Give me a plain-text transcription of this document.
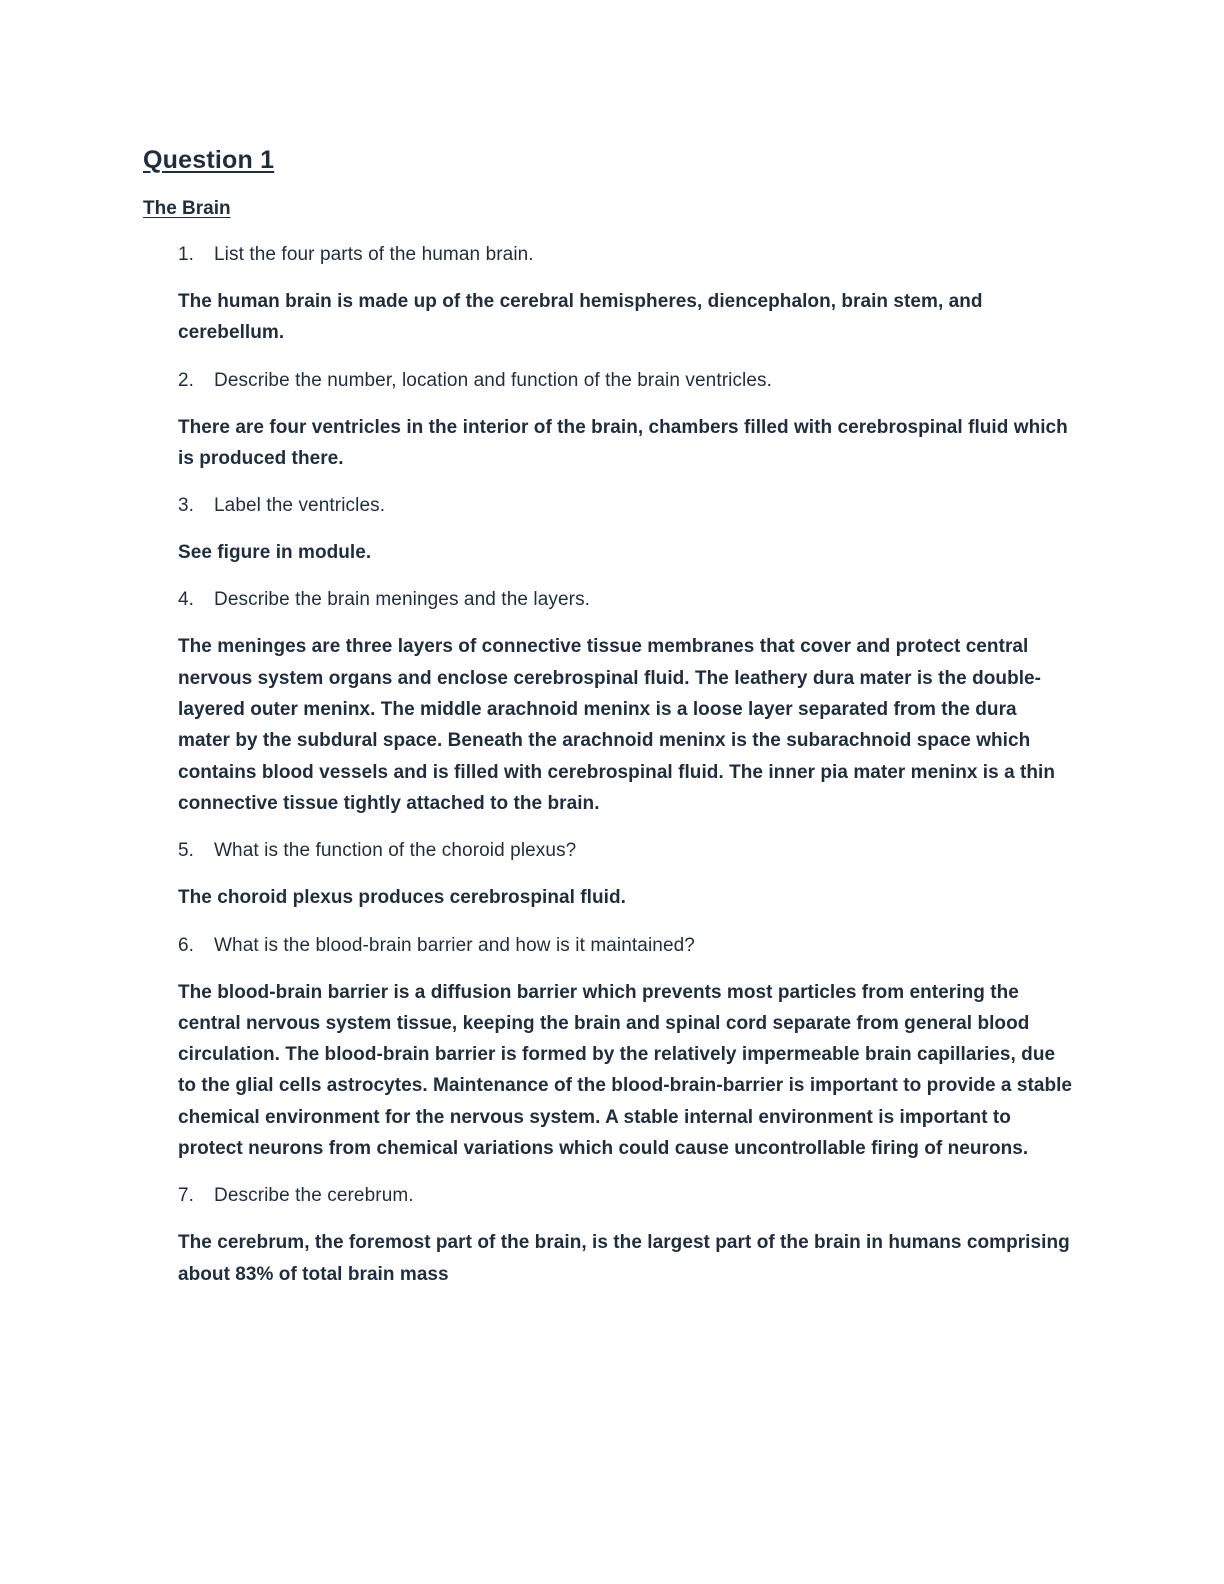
Question 1
The Brain
1.	List the four parts of the human brain.

The human brain is made up of the cerebral hemispheres, diencephalon, brain stem, and cerebellum.

2.	Describe the number, location and function of the brain ventricles.

There are four ventricles in the interior of the brain, chambers filled with cerebrospinal fluid which is produced there.

3.	Label the ventricles.

See figure in module.

4.	Describe the brain meninges and the layers.

The meninges are three layers of connective tissue membranes that cover and protect central nervous system organs and enclose cerebrospinal fluid. The leathery dura mater is the double-layered outer meninx. The middle arachnoid meninx is a loose layer separated from the dura mater by the subdural space. Beneath the arachnoid meninx is the subarachnoid space which contains blood vessels and is filled with cerebrospinal fluid. The inner pia mater meninx is a thin connective tissue tightly attached to the brain.

5.	What is the function of the choroid plexus?

The choroid plexus produces cerebrospinal fluid.

6.	What is the blood-brain barrier and how is it maintained?

The blood-brain barrier is a diffusion barrier which prevents most particles from entering the central nervous system tissue, keeping the brain and spinal cord separate from general blood circulation. The blood-brain barrier is formed by the relatively impermeable brain capillaries, due to the glial cells astrocytes. Maintenance of the blood-brain-barrier is important to provide a stable chemical environment for the nervous system. A stable internal environment is important to protect neurons from chemical variations which could cause uncontrollable firing of neurons.

7.	Describe the cerebrum.

The cerebrum, the foremost part of the brain, is the largest part of the brain in humans comprising about 83% of total brain mass
